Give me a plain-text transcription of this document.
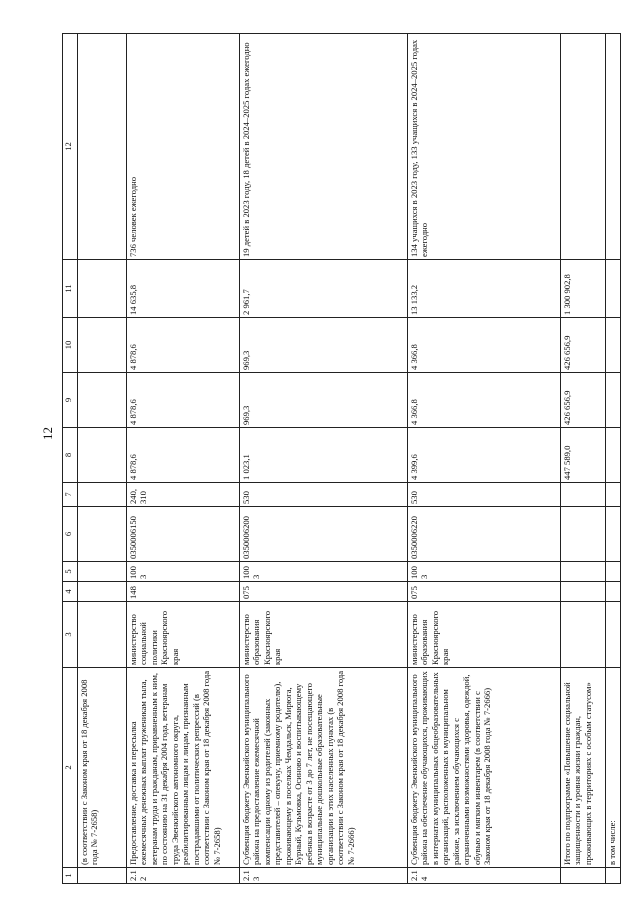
12
1	2	3	4	5	6	7	8	9	10	11	12
	(в соответствии с Законом края от 18 декабря 2008 года № 7-2658)										
2.12	Предоставление, доставка и пересылка ежемесячных денежных выплат труженикам тыла, ветеранам труда и гражданам, приравненным к ним, по состоянию на 31 декабря 2004 года, ветеранам труда Эвенкийского автономного округа, реабилитированным лицам и лицам, признанным пострадавшими от политических репрессий (в соответствии с Законом края от 18 декабря 2008 года № 7-2658)	министерство социальной политики Красноярского края	148	1003	0350006150	240, 310	4 878,6	4 878,6	4 878,6	14 635,8	736 человек ежегодно
2.13	Субвенция бюджету Эвенкийского муниципального района на предоставление ежемесячной компенсации одному из родителей (законных представителей – опекуну, приемному родителю), проживающему в поселках Чемдальск, Мирюга, Бурный, Кузьмовка, Осиново и воспитывающему ребенка в возрасте от 3 до 7 лет, не посещающего муниципальные дошкольные образовательные организации в этих населенных пунктах (в соответствии с Законом края от 18 декабря 2008 года № 7-2666)	министерство образования Красноярского края	075	1003	0350006200	530	1 023,1	969,3	969,3	2 961,7	19 детей в 2023 году, 18 детей в 2024–2025 годах ежегодно
2.14	Субвенция бюджету Эвенкийского муниципального района на обеспечение обучающихся, проживающих в интернатах муниципальных общеобразовательных организаций, расположенных в муниципальном районе, за исключением обучающихся с ограниченными возможностями здоровья, одеждой, обувью и мягким инвентарем (в соответствии с Законом края от 18 декабря 2008 года № 7-2666)	министерство образования Красноярского края	075	1003	0350006220	530	4 399,6	4 366,8	4 366,8	13 133,2	134 учащихся в 2023 году, 133 учащихся в 2024–2025 годах ежегодно
	Итого по подпрограмме «Повышение социальной защищенности и уровня жизни граждан, проживающих в территориях с особым статусом»						447 589,0	426 656,9	426 656,9	1 300 902,8	
	в том числе:										
